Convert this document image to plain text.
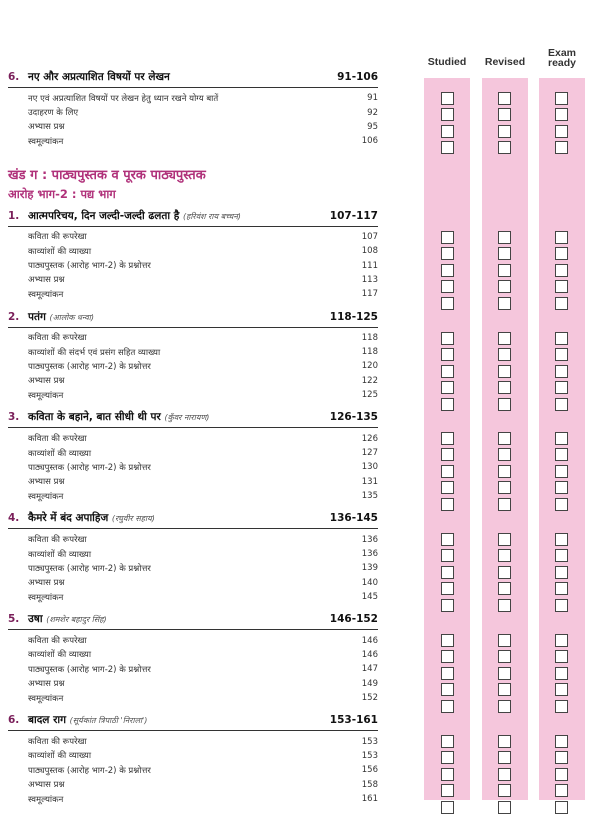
Studied	Revised
Exam ready
6. नए और अप्रत्याशित विषयों पर लेखन	91-106
नए एवं अप्रत्याशित विषयों पर लेखन हेतु ध्यान रखने योग्य बातें	91
उदाहरण के लिए	92
अभ्यास प्रश्न	95
स्वमूल्यांकन	106
खंड ग : पाठ्यपुस्तक व पूरक पाठ्यपुस्तक
आरोह भाग-2 : पद्य भाग
1. आत्मपरिचय, दिन जल्दी-जल्दी ढलता है (हरिवंश राय बच्चन)	107-117
कविता की रूपरेखा	107
काव्यांशों की व्याख्या	108
पाठ्यपुस्तक (आरोह भाग-2) के प्रश्नोत्तर	111
अभ्यास प्रश्न	113
स्वमूल्यांकन	117
2. पतंग (आलोक धन्वा)	118-125
कविता की रूपरेखा	118
काव्यांशों की संदर्भ एवं प्रसंग सहित व्याख्या	118
पाठ्यपुस्तक (आरोह भाग-2) के प्रश्नोत्तर	120
अभ्यास प्रश्न	122
स्वमूल्यांकन	125
3. कविता के बहाने, बात सीधी थी पर (कुँवर नारायण)	126-135
कविता की रूपरेखा	126
काव्यांशों की व्याख्या	127
पाठ्यपुस्तक (आरोह भाग-2) के प्रश्नोत्तर	130
अभ्यास प्रश्न	131
स्वमूल्यांकन	135
4. कैमरे में बंद अपाहिज (रघुवीर सहाय)	136-145
कविता की रूपरेखा	136
काव्यांशों की व्याख्या	136
पाठ्यपुस्तक (आरोह भाग-2) के प्रश्नोत्तर	139
अभ्यास प्रश्न	140
स्वमूल्यांकन	145
5. उषा (शमशेर बहादुर सिंह)	146-152
कविता की रूपरेखा	146
काव्यांशों की व्याख्या	146
पाठ्यपुस्तक (आरोह भाग-2) के प्रश्नोत्तर	147
अभ्यास प्रश्न	149
स्वमूल्यांकन	152
6. बादल राग (सूर्यकांत त्रिपाठी 'निराला')	153-161
कविता की रूपरेखा	153
काव्यांशों की व्याख्या	153
पाठ्यपुस्तक (आरोह भाग-2) के प्रश्नोत्तर	156
अभ्यास प्रश्न	158
स्वमूल्यांकन	161
